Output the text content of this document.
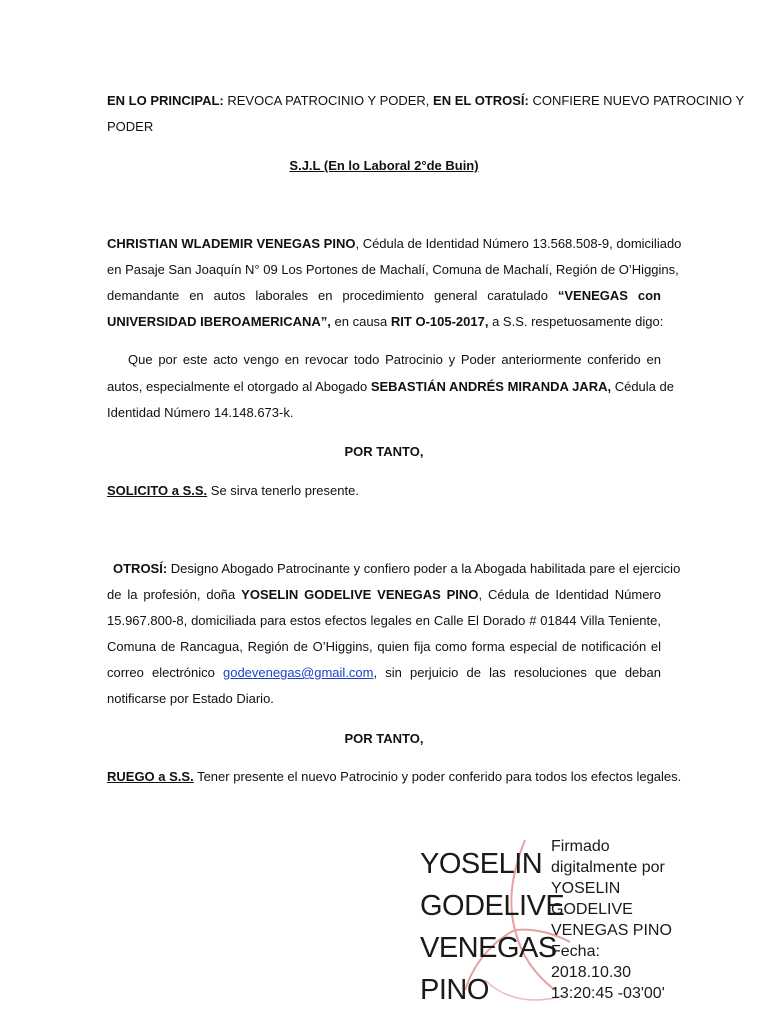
EN LO PRINCIPAL: REVOCA PATROCINIO Y PODER, EN EL OTROSÍ: CONFIERE NUEVO PATROCINIO Y
PODER
S.J.L (En lo Laboral 2°de Buin)
CHRISTIAN WLADEMIR VENEGAS PINO, Cédula de Identidad Número 13.568.508-9, domiciliado
en Pasaje San Joaquín N° 09 Los Portones de Machalí, Comuna de Machalí, Región de O’Higgins,
demandante en autos laborales en procedimiento general caratulado “VENEGAS con
UNIVERSIDAD IBEROAMERICANA”, en causa RIT O-105-2017, a S.S. respetuosamente digo:
Que por este acto vengo en revocar todo Patrocinio y Poder anteriormente conferido en
autos, especialmente el otorgado al Abogado SEBASTIÁN ANDRÉS MIRANDA JARA, Cédula de
Identidad Número 14.148.673-k.
POR TANTO,
SOLICITO a S.S. Se sirva tenerlo presente.
OTROSÍ: Designo Abogado Patrocinante y confiero poder a la Abogada habilitada pare el ejercicio
de la profesión, doña YOSELIN GODELIVE VENEGAS PINO, Cédula de Identidad Número
15.967.800-8, domiciliada para estos efectos legales en Calle El Dorado # 01844 Villa Teniente,
Comuna de Rancagua, Región de O’Higgins, quien fija como forma especial de notificación el
correo electrónico godevenegas@gmail.com, sin perjuicio de las resoluciones que deban
notificarse por Estado Diario.
POR TANTO,
RUEGO a S.S. Tener presente el nuevo Patrocinio y poder conferido para todos los efectos legales.
YOSELIN
GODELIVE
VENEGAS
PINO
Firmado
digitalmente por
YOSELIN
GODELIVE
VENEGAS PINO
Fecha:
2018.10.30
13:20:45 -03'00'
